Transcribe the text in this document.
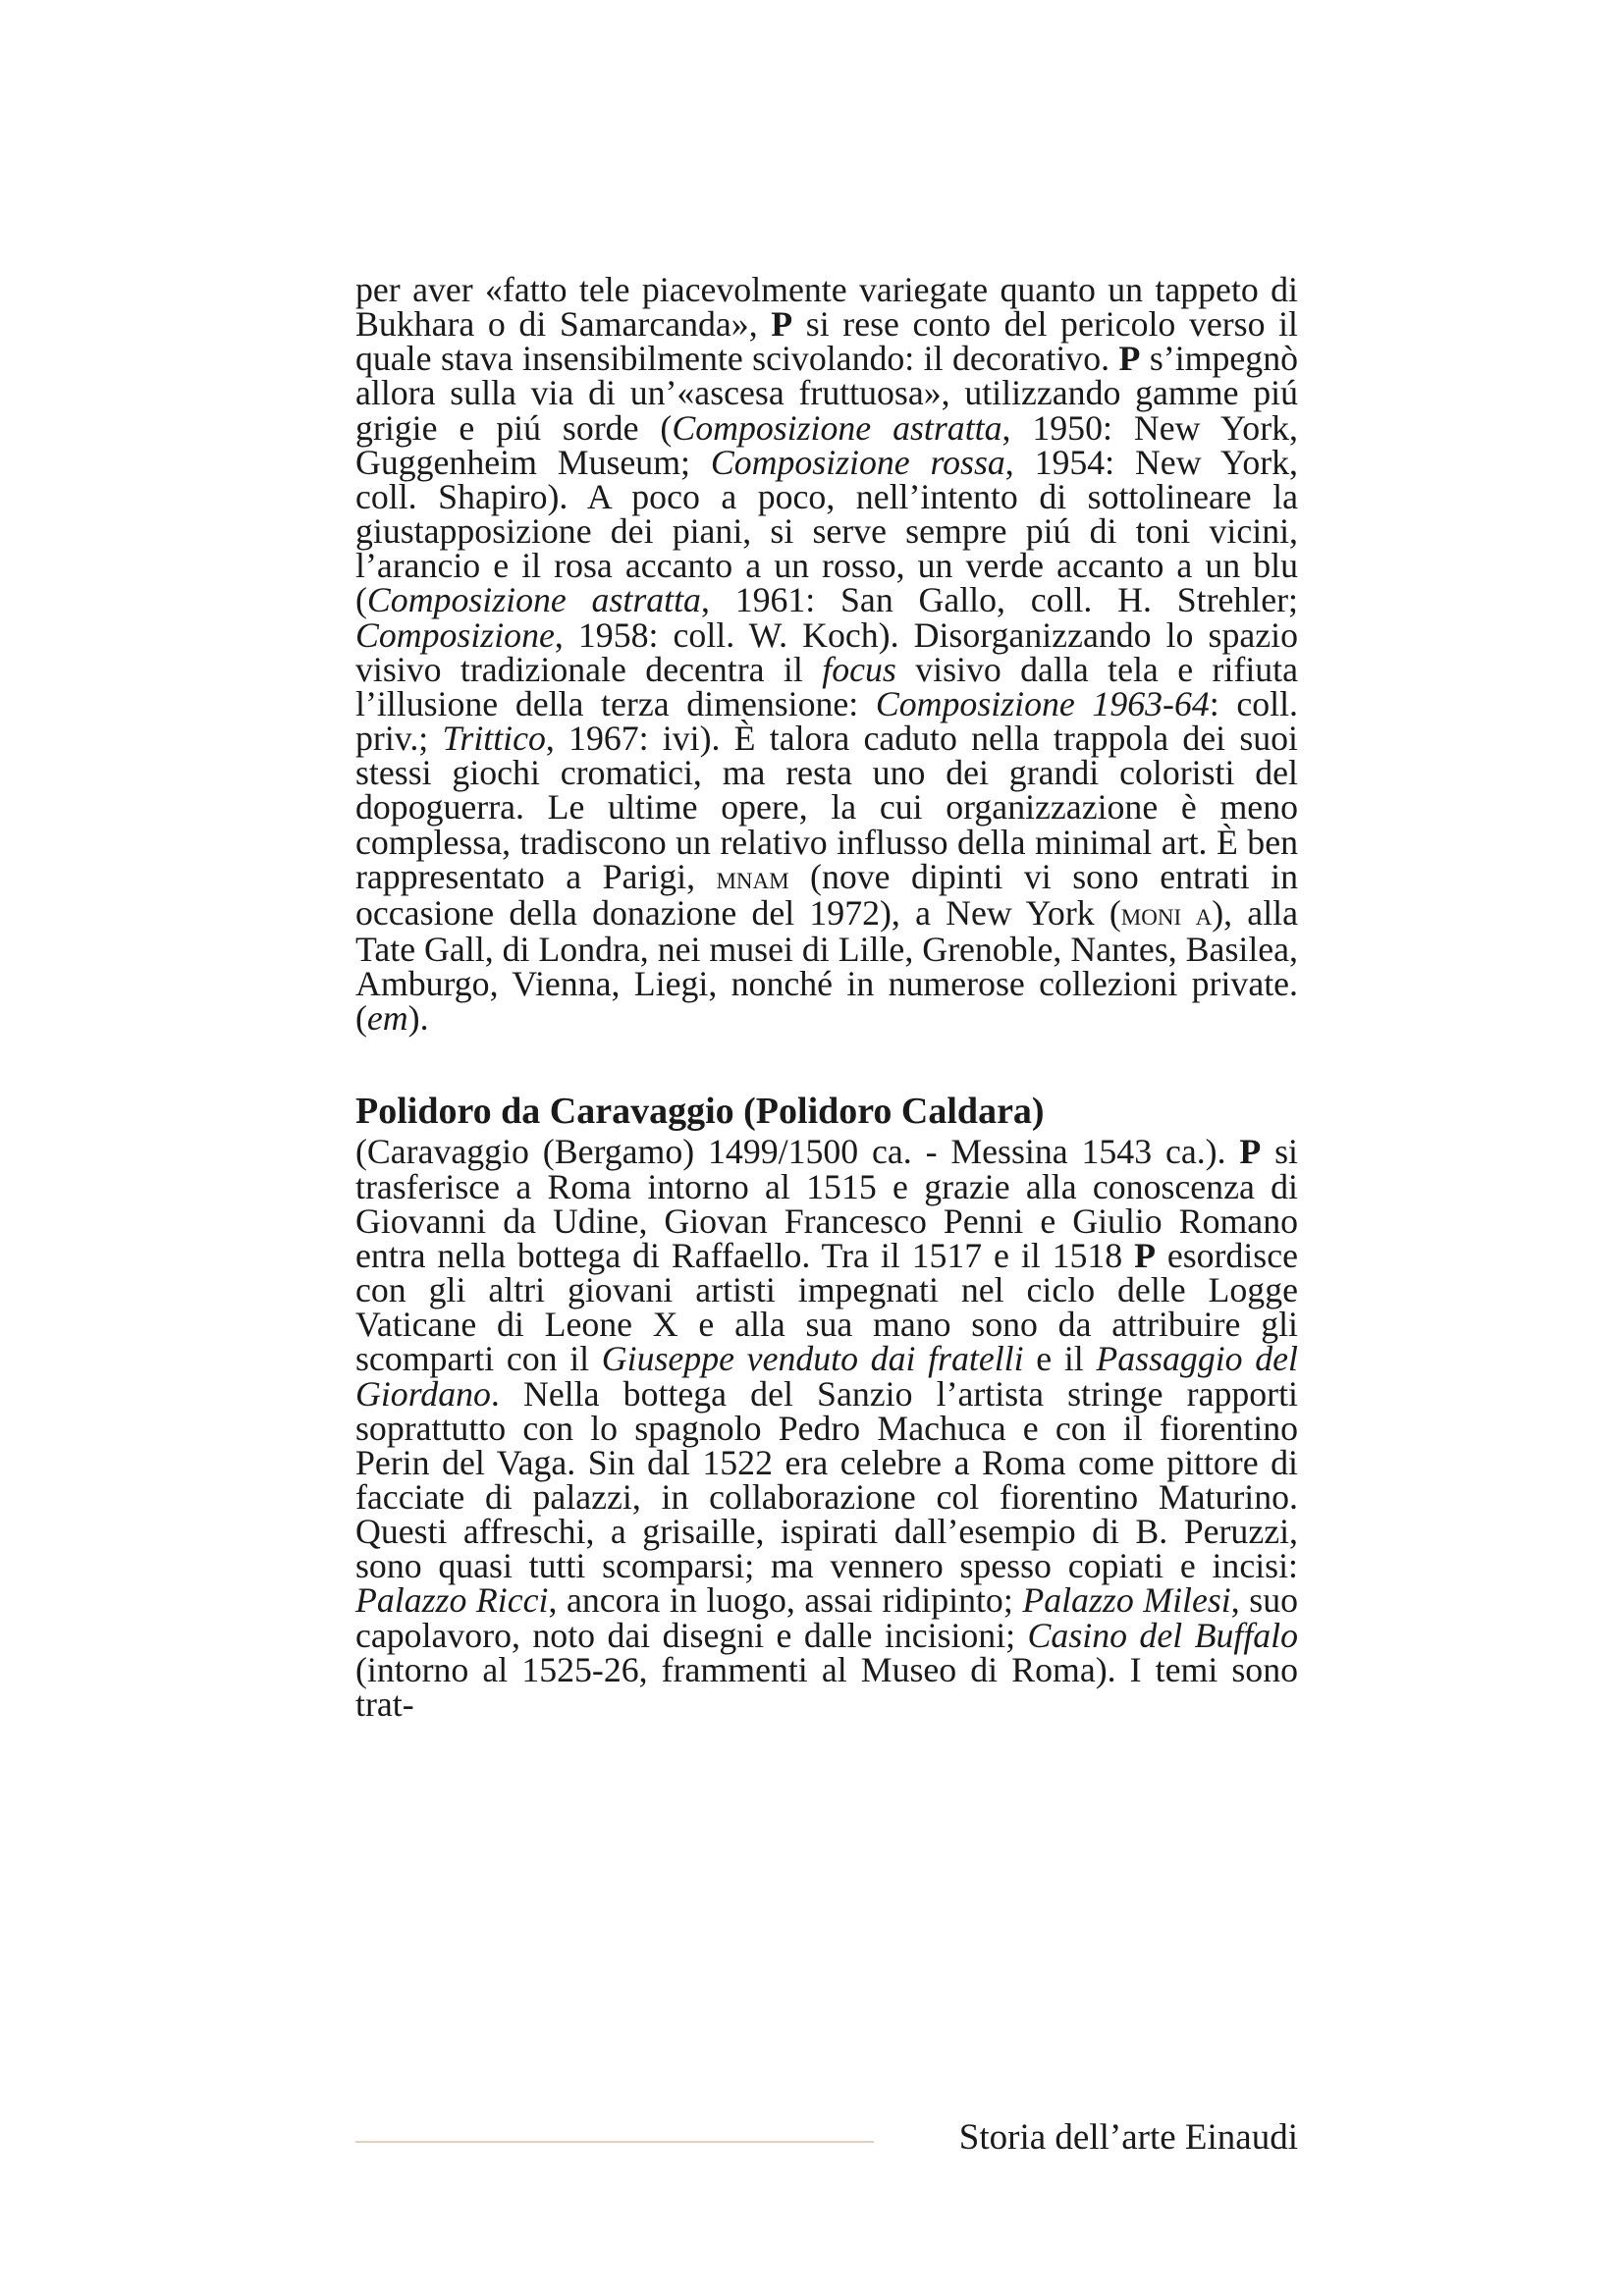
per aver «fatto tele piacevolmente variegate quanto un tappeto di Bukhara o di Samarcanda», P si rese conto del pericolo verso il quale stava insensibilmente scivolando: il decorativo. P s’impegnò allora sulla via di un’«ascesa fruttuosa», utilizzando gamme piú grigie e piú sorde (Composizione astratta, 1950: New York, Guggenheim Museum; Composizione rossa, 1954: New York, coll. Shapiro). A poco a poco, nell’intento di sottolineare la giustapposizione dei piani, si serve sempre piú di toni vicini, l’arancio e il rosa accanto a un rosso, un verde accanto a un blu (Composizione astratta, 1961: San Gallo, coll. H. Strehler; Composizione, 1958: coll. W. Koch). Disorganizzando lo spazio visivo tradizionale decentra il focus visivo dalla tela e rifiuta l’illusione della terza dimensione: Composizione 1963-64: coll. priv.; Trittico, 1967: ivi). È talora caduto nella trappola dei suoi stessi giochi cromatici, ma resta uno dei grandi coloristi del dopoguerra. Le ultime opere, la cui organizzazione è meno complessa, tradiscono un relativo influsso della minimal art. È ben rappresentato a Parigi, mnam (nove dipinti vi sono entrati in occasione della donazione del 1972), a New York (moni a), alla Tate Gall, di Londra, nei musei di Lille, Grenoble, Nantes, Basilea, Amburgo, Vienna, Liegi, nonché in numerose collezioni private. (em).

Polidoro da Caravaggio (Polidoro Caldara)

(Caravaggio (Bergamo) 1499/1500 ca. - Messina 1543 ca.). P si trasferisce a Roma intorno al 1515 e grazie alla conoscenza di Giovanni da Udine, Giovan Francesco Penni e Giulio Romano entra nella bottega di Raffaello. Tra il 1517 e il 1518 P esordisce con gli altri giovani artisti impegnati nel ciclo delle Logge Vaticane di Leone X e alla sua mano sono da attribuire gli scomparti con il Giuseppe venduto dai fratelli e il Passaggio del Giordano. Nella bottega del Sanzio l’artista stringe rapporti soprattutto con lo spagnolo Pedro Machuca e con il fiorentino Perin del Vaga. Sin dal 1522 era celebre a Roma come pittore di facciate di palazzi, in collaborazione col fiorentino Maturino. Questi affreschi, a grisaille, ispirati dall’esempio di B. Peruzzi, sono quasi tutti scomparsi; ma vennero spesso copiati e incisi: Palazzo Ricci, ancora in luogo, assai ridipinto; Palazzo Milesi, suo capolavoro, noto dai disegni e dalle incisioni; Casino del Buffalo (intorno al 1525-26, frammenti al Museo di Roma). I temi sono trat-

Storia dell’arte Einaudi
